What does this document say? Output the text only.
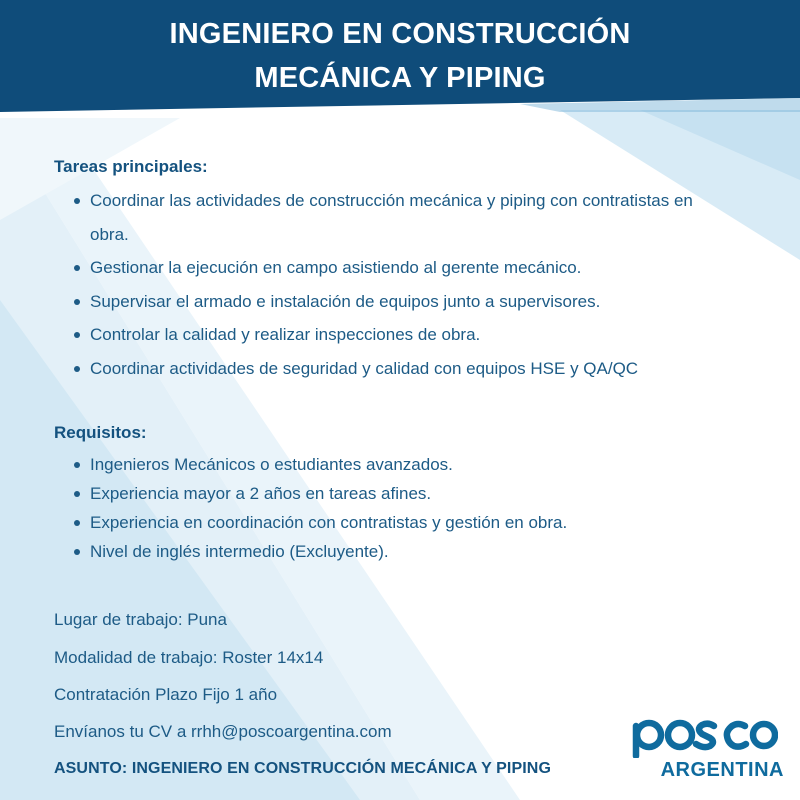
INGENIERO EN CONSTRUCCIÓN
MECÁNICA Y PIPING

Tareas principales:

Coordinar las actividades de construcción mecánica y piping con contratistas en obra.
Gestionar la ejecución en campo asistiendo al gerente mecánico.
Supervisar el armado e instalación de equipos junto a supervisores.
Controlar la calidad y realizar inspecciones de obra.
Coordinar actividades de seguridad y calidad con equipos HSE y QA/QC

Requisitos:

Ingenieros Mecánicos o estudiantes avanzados.
Experiencia mayor a 2 años en tareas afines.
Experiencia en coordinación con contratistas y gestión en obra.
Nivel de inglés intermedio (Excluyente).
Lugar de trabajo: Puna
Modalidad de trabajo: Roster 14x14
Contratación Plazo Fijo 1 año
Envíanos tu CV a rrhh@poscoargentina.com
ASUNTO: INGENIERO EN CONSTRUCCIÓN MECÁNICA Y PIPING	ARGENTINA
